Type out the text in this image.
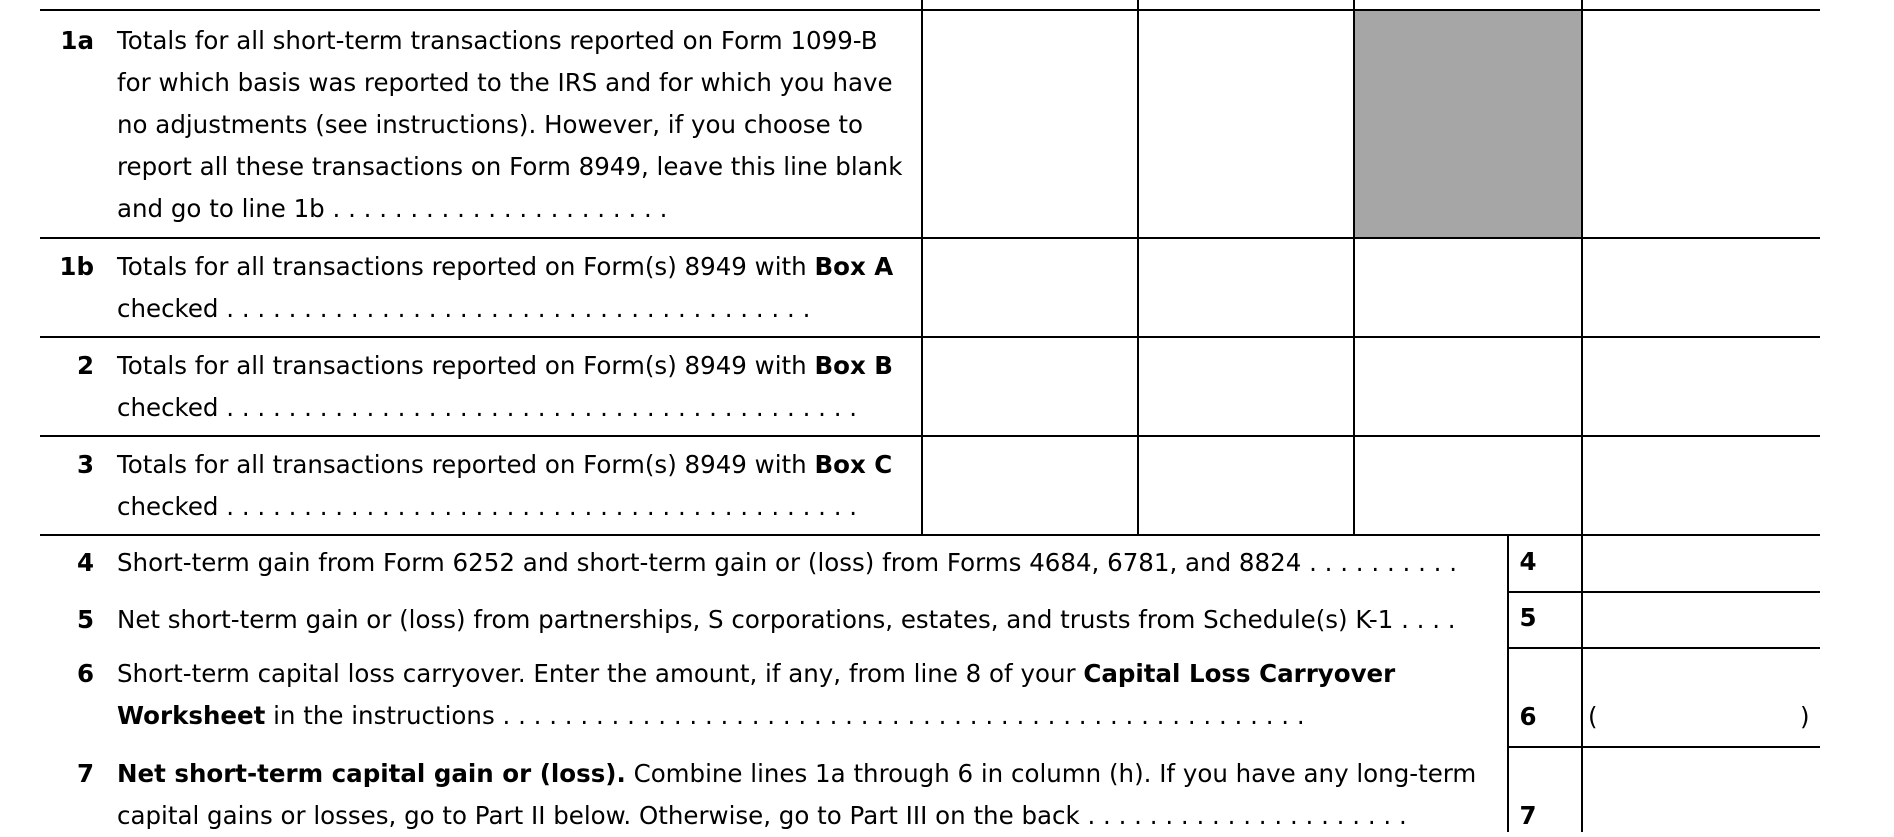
1a Totals for all short-term transactions reported on Form 1099-B
for which basis was reported to the IRS and for which you have
no adjustments (see instructions). However, if you choose to
report all these transactions on Form 8949, leave this line blank
and go to line 1b . . . . . . . . . . . . . . . . . . . . . .
1b Totals for all transactions reported on Form(s) 8949 with Box A
checked . . . . . . . . . . . . . . . . . . . . . . . . . . . . . . . . . . . . . .
2 Totals for all transactions reported on Form(s) 8949 with Box B
checked . . . . . . . . . . . . . . . . . . . . . . . . . . . . . . . . . . . . . . . . .
3 Totals for all transactions reported on Form(s) 8949 with Box C
checked . . . . . . . . . . . . . . . . . . . . . . . . . . . . . . . . . . . . . . . . .
4 Short-term gain from Form 6252 and short-term gain or (loss) from Forms 4684, 6781, and 8824 . . . . . . . . . .	4
5 Net short-term gain or (loss) from partnerships, S corporations, estates, and trusts from Schedule(s) K-1 . . . .	5
6 Short-term capital loss carryover. Enter the amount, if any, from line 8 of your Capital Loss Carryover
Worksheet in the instructions . . . . . . . . . . . . . . . . . . . . . . . . . . . . . . . . . . . . . . . . . . . . . . . . . . . .	6	(	)
7 Net short-term capital gain or (loss). Combine lines 1a through 6 in column (h). If you have any long-term
capital gains or losses, go to Part II below. Otherwise, go to Part III on the back . . . . . . . . . . . . . . . . . . . . .	7
